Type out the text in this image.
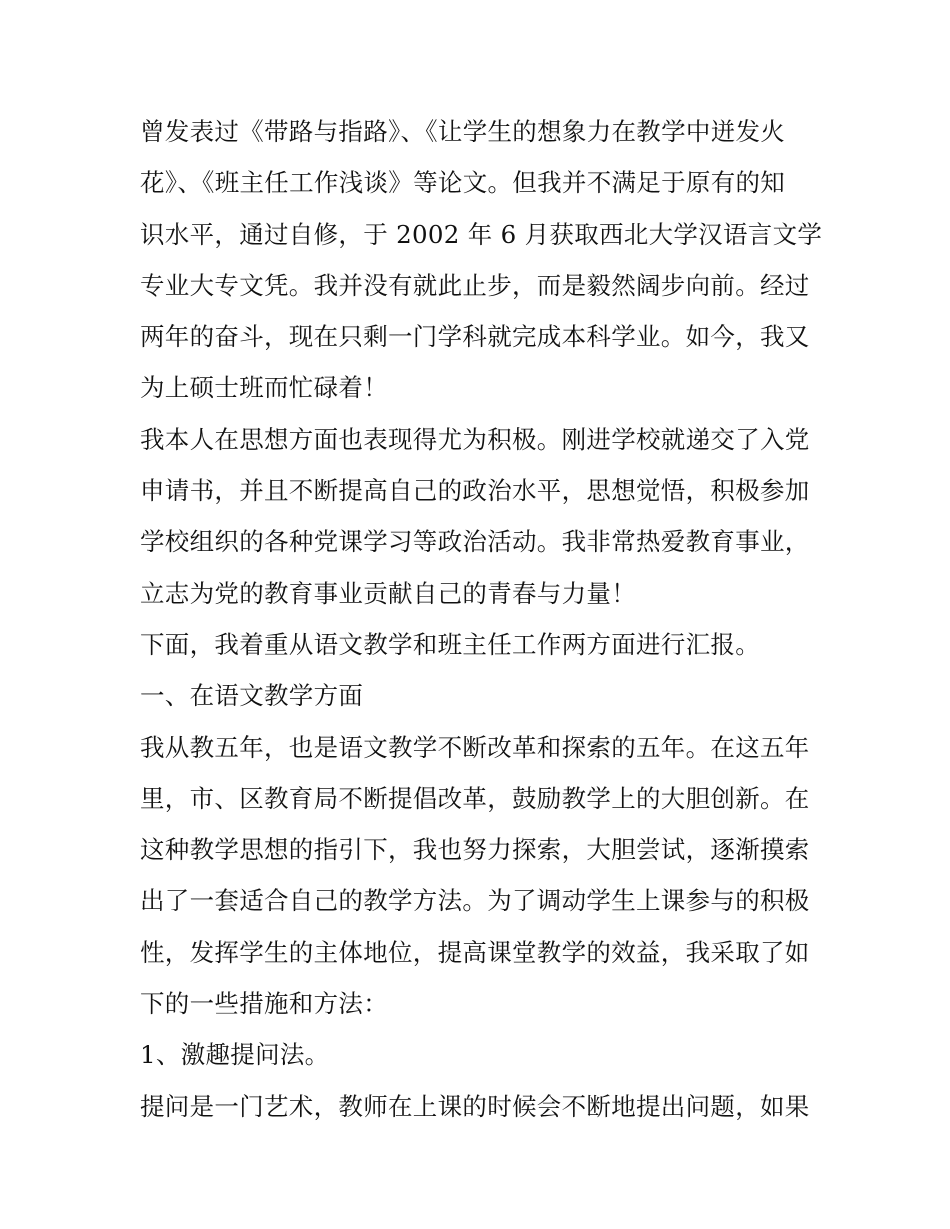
曾发表过《带路与指路》、《让学生的想象力在教学中迸发火
花》、《班主任工作浅谈》等论文。但我并不满足于原有的知
识水平，通过自修，于 2002 年 6 月获取西北大学汉语言文学
专业大专文凭。我并没有就此止步，而是毅然阔步向前。经过
两年的奋斗，现在只剩一门学科就完成本科学业。如今，我又
为上硕士班而忙碌着！
我本人在思想方面也表现得尤为积极。刚进学校就递交了入党
申请书，并且不断提高自己的政治水平，思想觉悟，积极参加
学校组织的各种党课学习等政治活动。我非常热爱教育事业，
立志为党的教育事业贡献自己的青春与力量！
下面，我着重从语文教学和班主任工作两方面进行汇报。
一、在语文教学方面
我从教五年，也是语文教学不断改革和探索的五年。在这五年
里，市、区教育局不断提倡改革，鼓励教学上的大胆创新。在
这种教学思想的指引下，我也努力探索，大胆尝试，逐渐摸索
出了一套适合自己的教学方法。为了调动学生上课参与的积极
性，发挥学生的主体地位，提高课堂教学的效益，我采取了如
下的一些措施和方法：
1、激趣提问法。
提问是一门艺术，教师在上课的时候会不断地提出问题，如果
